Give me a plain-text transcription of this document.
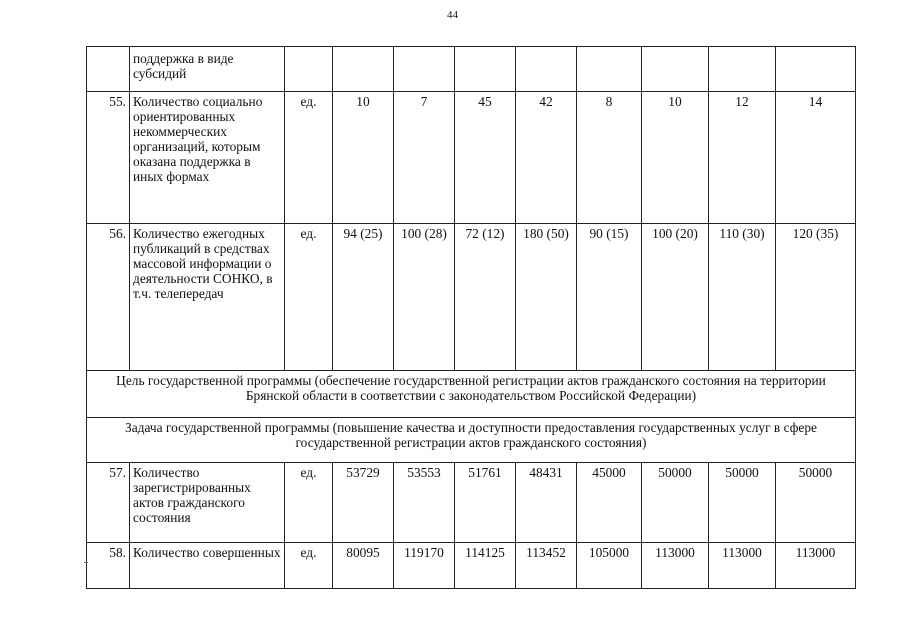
44
	поддержка в виде субсидий									
55.	Количество социально ориентированных некоммерческих организаций, которым оказана поддержка в иных формах	ед.	10	7	45	42	8	10	12	14
56.	Количество ежегодных публикаций в средствах массовой информации о деятельности СОНКО, в т.ч. телепередач	ед.	94 (25)	100 (28)	72 (12)	180 (50)	90 (15)	100 (20)	110 (30)	120 (35)
Цель государственной программы (обеспечение государственной регистрации актов гражданского состояния на территории Брянской области в соответствии с законодательством Российской Федерации)										
Задача государственной программы (повышение качества и доступности предоставления государственных услуг в сфере государственной регистрации актов гражданского состояния)										
57.	Количество зарегистрированных актов гражданского состояния	ед.	53729	53553	51761	48431	45000	50000	50000	50000
58.	Количество совершенных	ед.	80095	119170	114125	113452	105000	113000	113000	113000
